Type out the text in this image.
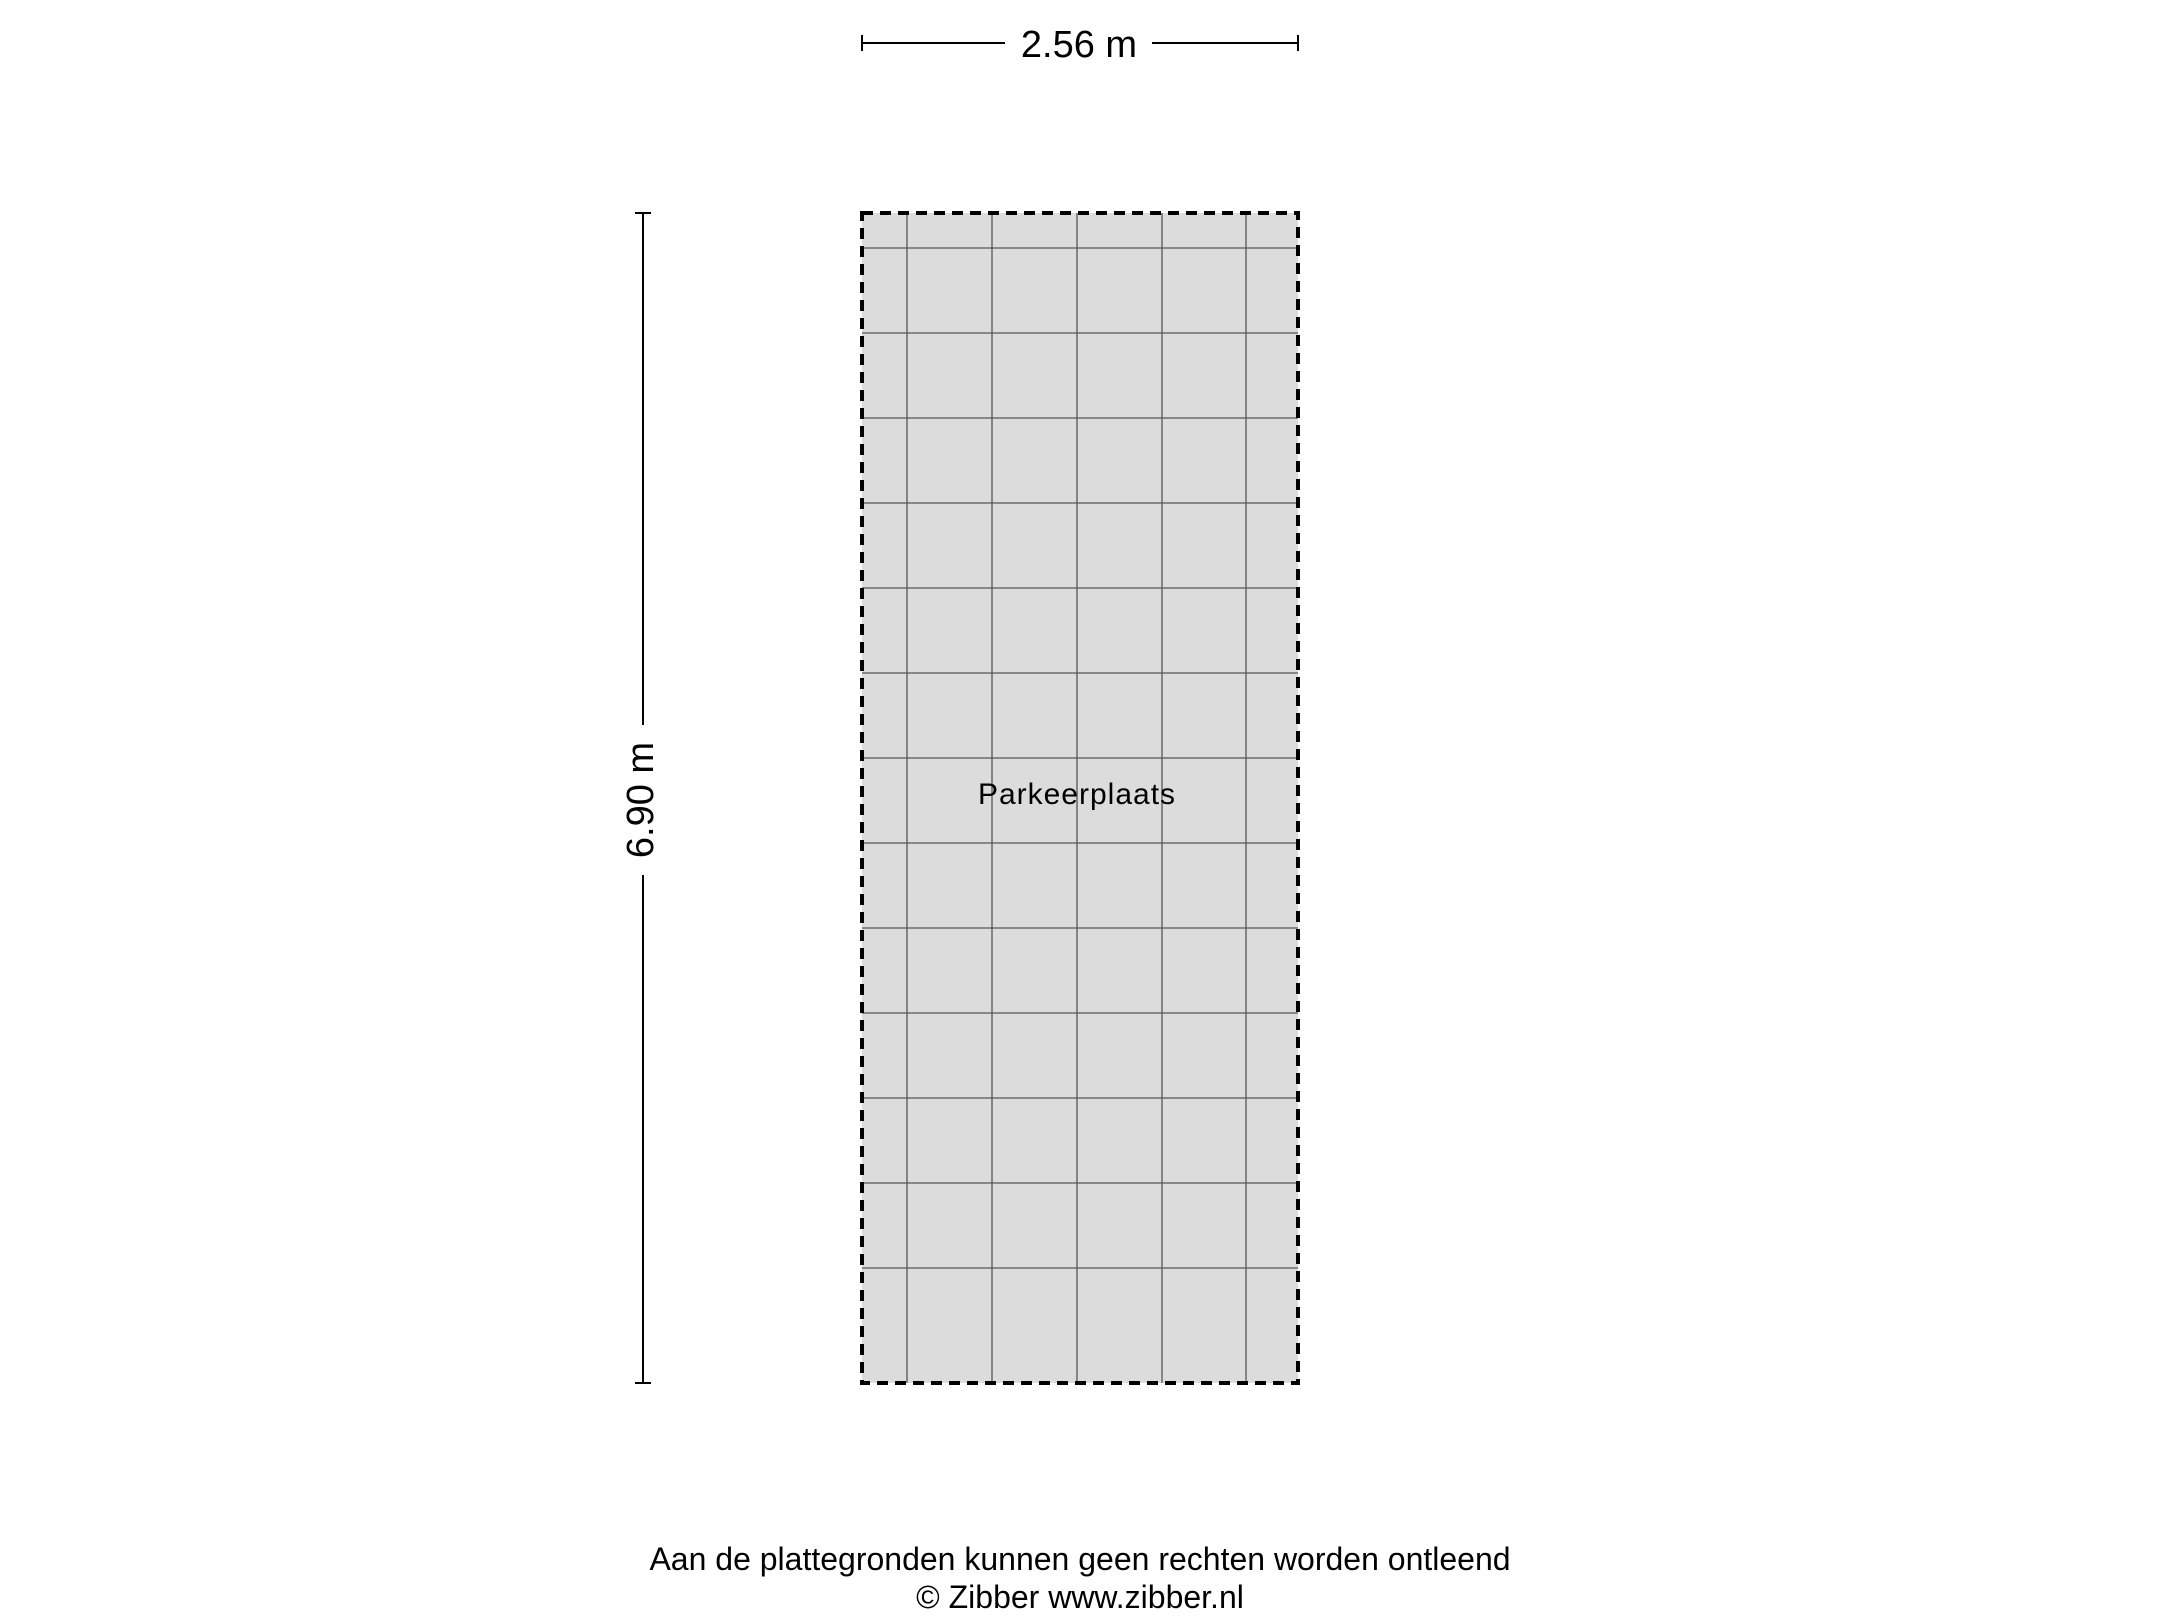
Parkeerplaats
2.56 m
6.90 m
Aan de plattegronden kunnen geen rechten worden ontleend
© Zibber www.zibber.nl
